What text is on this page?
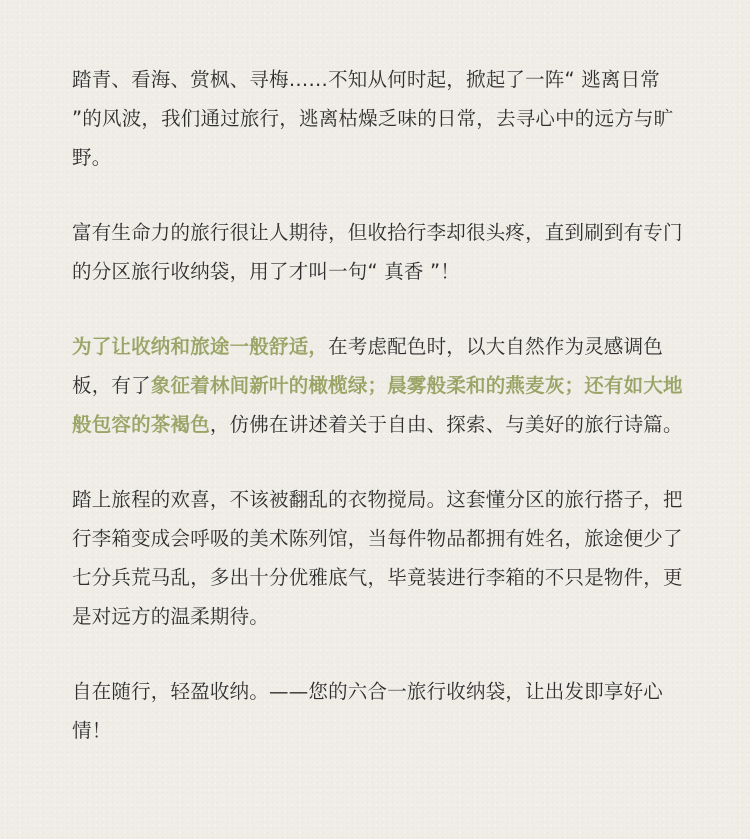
踏青、看海、赏枫、寻梅……不知从何时起，掀起了一阵“ 逃离日常 ”的风波，我们通过旅行，逃离枯燥乏味的日常，去寻心中的远方与旷野。

富有生命力的旅行很让人期待，但收拾行李却很头疼，直到刷到有专门的分区旅行收纳袋，用了才叫一句“ 真香 ”！

为了让收纳和旅途一般舒适，在考虑配色时，以大自然作为灵感调色板，有了象征着林间新叶的橄榄绿；晨雾般柔和的燕麦灰；还有如大地般包容的茶褐色，仿佛在讲述着关于自由、探索、与美好的旅行诗篇。

踏上旅程的欢喜，不该被翻乱的衣物搅局。这套懂分区的旅行搭子，把行李箱变成会呼吸的美术陈列馆，当每件物品都拥有姓名，旅途便少了七分兵荒马乱，多出十分优雅底气，毕竟装进行李箱的不只是物件，更是对远方的温柔期待。

自在随行，轻盈收纳。——您的六合一旅行收纳袋，让出发即享好心情！
